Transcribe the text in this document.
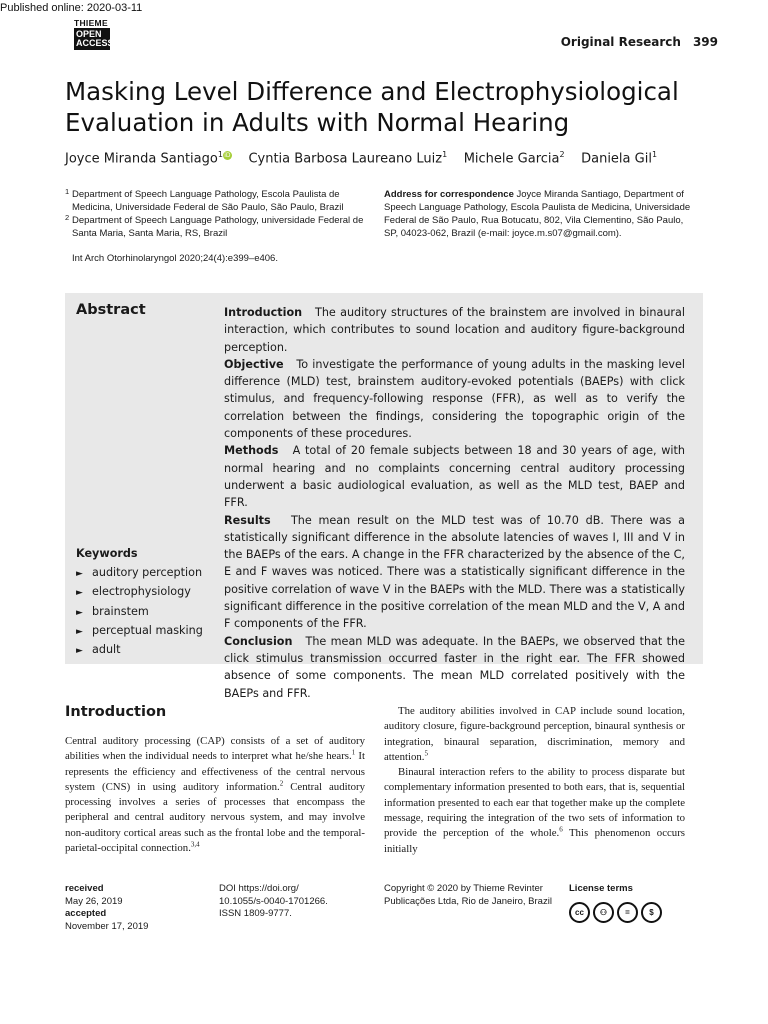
Published online: 2020-03-11
THIEME
OPEN
ACCESS	Original Research 399
Masking Level Difference and Electrophysiological Evaluation in Adults with Normal Hearing
Joyce Miranda Santiago$^1$iD Cyntia Barbosa Laureano Luiz$^1$ Michele Garcia$^2$ Daniela Gil$^1$
1 Department of Speech Language Pathology, Escola Paulista de Medicina, Universidade Federal de São Paulo, São Paulo, Brazil
2 Department of Speech Language Pathology, universidade Federal de Santa Maria, Santa Maria, RS, Brazil
Int Arch Otorhinolaryngol 2020;24(4):e399–e406.
Address for correspondence Joyce Miranda Santiago, Department of Speech Language Pathology, Escola Paulista de Medicina, Universidade Federal de São Paulo, Rua Botucatu, 802, Vila Clementino, São Paulo, SP, 04023-062, Brazil (e-mail: joyce.m.s07@gmail.com).
Abstract	Introduction The auditory structures of the brainstem are involved in binaural interaction, which contributes to sound location and auditory figure-background perception.
Objective To investigate the performance of young adults in the masking level difference (MLD) test, brainstem auditory-evoked potentials (BAEPs) with click stimulus, and frequency-following response (FFR), as well as to verify the correlation between the findings, considering the topographic origin of the components of these procedures.
Methods A total of 20 female subjects between 18 and 30 years of age, with normal hearing and no complaints concerning central auditory processing underwent a basic audiological evaluation, as well as the MLD test, BAEP and FFR.
Results The mean result on the MLD test was of 10.70 dB. There was a statistically significant difference in the absolute latencies of waves I, III and V in the BAEPs of the ears. A change in the FFR characterized by the absence of the C, E and F waves was noticed. There was a statistically significant difference in the positive correlation of wave V in the BAEPs with the MLD. There was a statistically significant difference in the positive correlation of the mean MLD and the V, A and F components of the FFR.
Conclusion The mean MLD was adequate. In the BAEPs, we observed that the click stimulus transmission occurred faster in the right ear. The FFR showed absence of some components. The mean MLD correlated positively with the BAEPs and FFR.
Keywords
► auditory perception
► electrophysiology
► brainstem
► perceptual masking
► adult
Introduction

Central auditory processing (CAP) consists of a set of auditory abilities when the individual needs to interpret what he/she hears.$^1$ It represents the efficiency and effectiveness of the central nervous system (CNS) in using auditory information.$^2$ Central auditory processing involves a series of processes that encompass the peripheral and central auditory nervous system, and may involve non-auditory cortical areas such as the frontal lobe and the temporal-parietal-occipital connection.$^{3,4}$

The auditory abilities involved in CAP include sound location, auditory closure, figure-background perception, binaural synthesis or integration, binaural separation, discrimination, memory and attention.$^5$

Binaural interaction refers to the ability to process disparate but complementary information presented to both ears, that is, sequential information presented to each ear that together make up the complete message, requiring the integration of the two sets of information to provide the perception of the whole.$^6$ This phenomenon occurs initially

received
May 26, 2019
accepted
November 17, 2019
DOI https://doi.org/
10.1055/s-0040-1701266.
ISSN 1809-9777.
Copyright © 2020 by Thieme Revinter
Publicações Ltda, Rio de Janeiro, Brazil
License terms
cc	⚇	=	$
